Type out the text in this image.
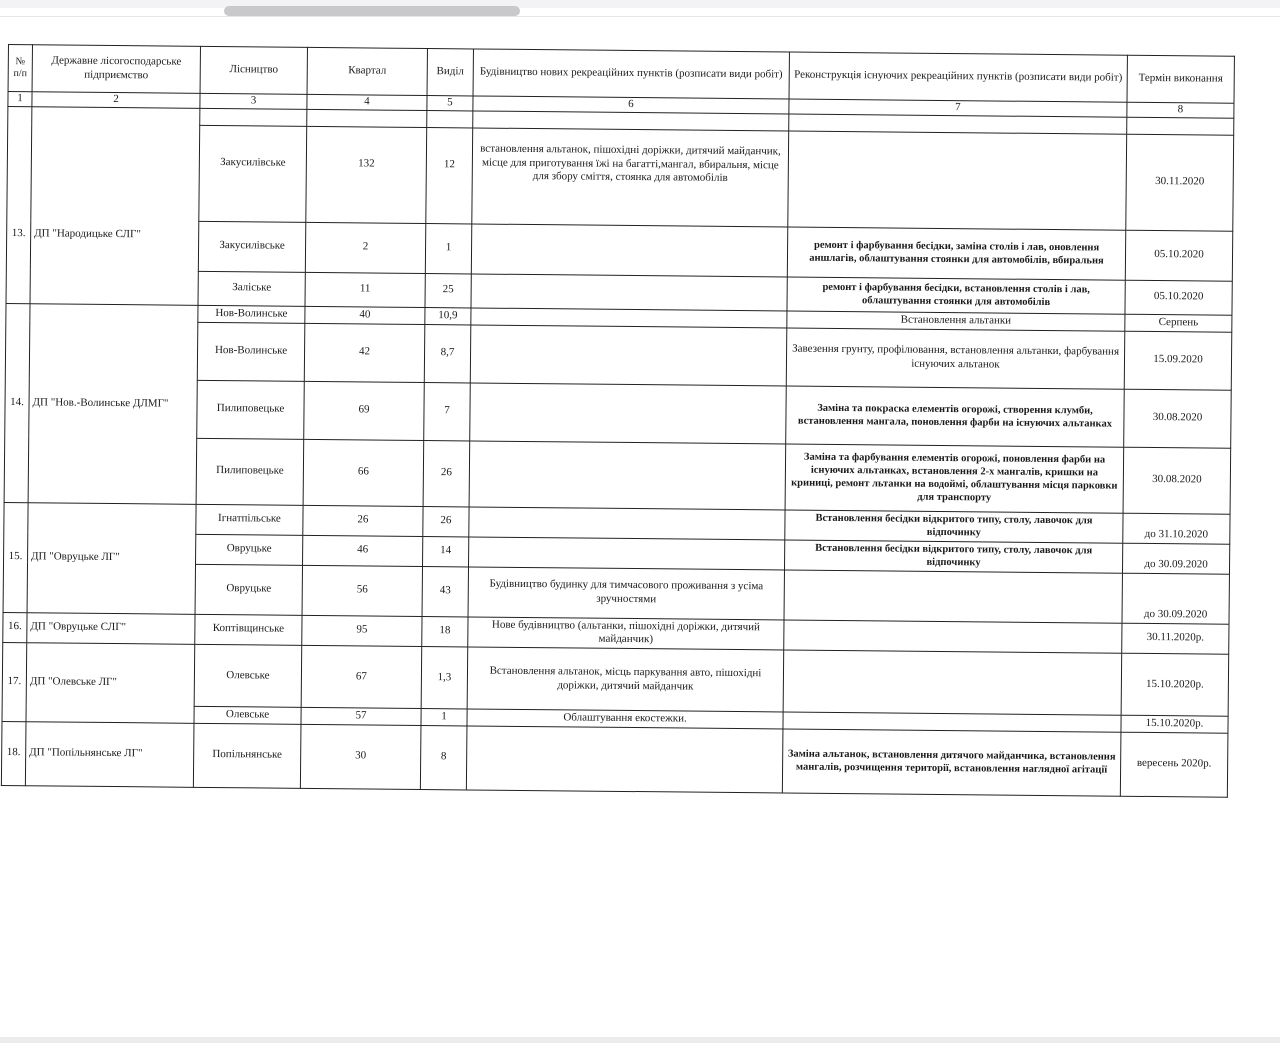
№ п/п	Державне лісогосподарське підприємство	Лісництво	Квартал	Виділ	Будівництво нових рекреаційних пунктів (розписати види робіт)	Реконструкція існуючих рекреаційних пунктів (розписати види робіт)	Термін виконання
1	2	3	4	5	6	7	8
13.	ДП "Народицьке СЛГ"						
		Закусилівське	132	12	встановлення альтанок, пішохідні доріжки, дитячий майданчик, місце для приготування їжі на багатті,мангал, вбиральня, місце для збору сміття, стоянка для автомобілів		30.11.2020
		Закусилівське	2	1		ремонт і фарбування бесідки, заміна столів і лав, оновлення аншлагів, облаштування стоянки для автомобілів, вбиральня	05.10.2020
		Заліське	11	25		ремонт і фарбування бесідки, встановлення столів і лав, облаштування стоянки для автомобілів	05.10.2020
14.	ДП "Нов.-Волинське ДЛМГ"	Нов-Волинське	40	10,9		Встановлення альтанки	Серпень
		Нов-Волинське	42	8,7		Завезення грунту, профілювання, встановлення альтанки, фарбування існуючих альтанок	15.09.2020
		Пилиповецьке	69	7		Заміна та покраска елементів огорожі, створення клумби, встановлення мангала, поновлення фарби на існуючих альтанках	30.08.2020
		Пилиповецьке	66	26		Заміна та фарбування елементів огорожі, поновлення фарби на існуючих альтанках, встановлення 2-х мангалів, кришки на криниці, ремонт льтанки на водоймі, облаштування місця парковки для транспорту	30.08.2020
15.	ДП "Овруцьке ЛГ"	Ігнатпільське	26	26		Встановлення бесідки відкритого типу, столу, лавочок для відпочинку	до 31.10.2020
		Овруцьке	46	14		Встановлення бесідки відкритого типу, столу, лавочок для відпочинку	до 30.09.2020
		Овруцьке	56	43	Будівництво будинку для тимчасового проживання з усіма зручностями		до 30.09.2020
16.	ДП "Овруцьке СЛГ"	Коптівщинське	95	18	Нове будівництво (альтанки, пішохідні доріжки, дитячий майданчик)		30.11.2020р.
17.	ДП "Олевське ЛГ"	Олевське	67	1,3	Встановлення альтанок, місць паркування авто, пішохідні доріжки, дитячий майданчик		15.10.2020р.
		Олевське	57	1	Облаштування екостежки.		15.10.2020р.
18.	ДП "Попільнянське ЛГ"	Попільнянське	30	8		Заміна альтанок, встановлення дитячого майданчика, встановлення мангалів, розчищення території, встановлення наглядної агітації	вересень 2020р.
